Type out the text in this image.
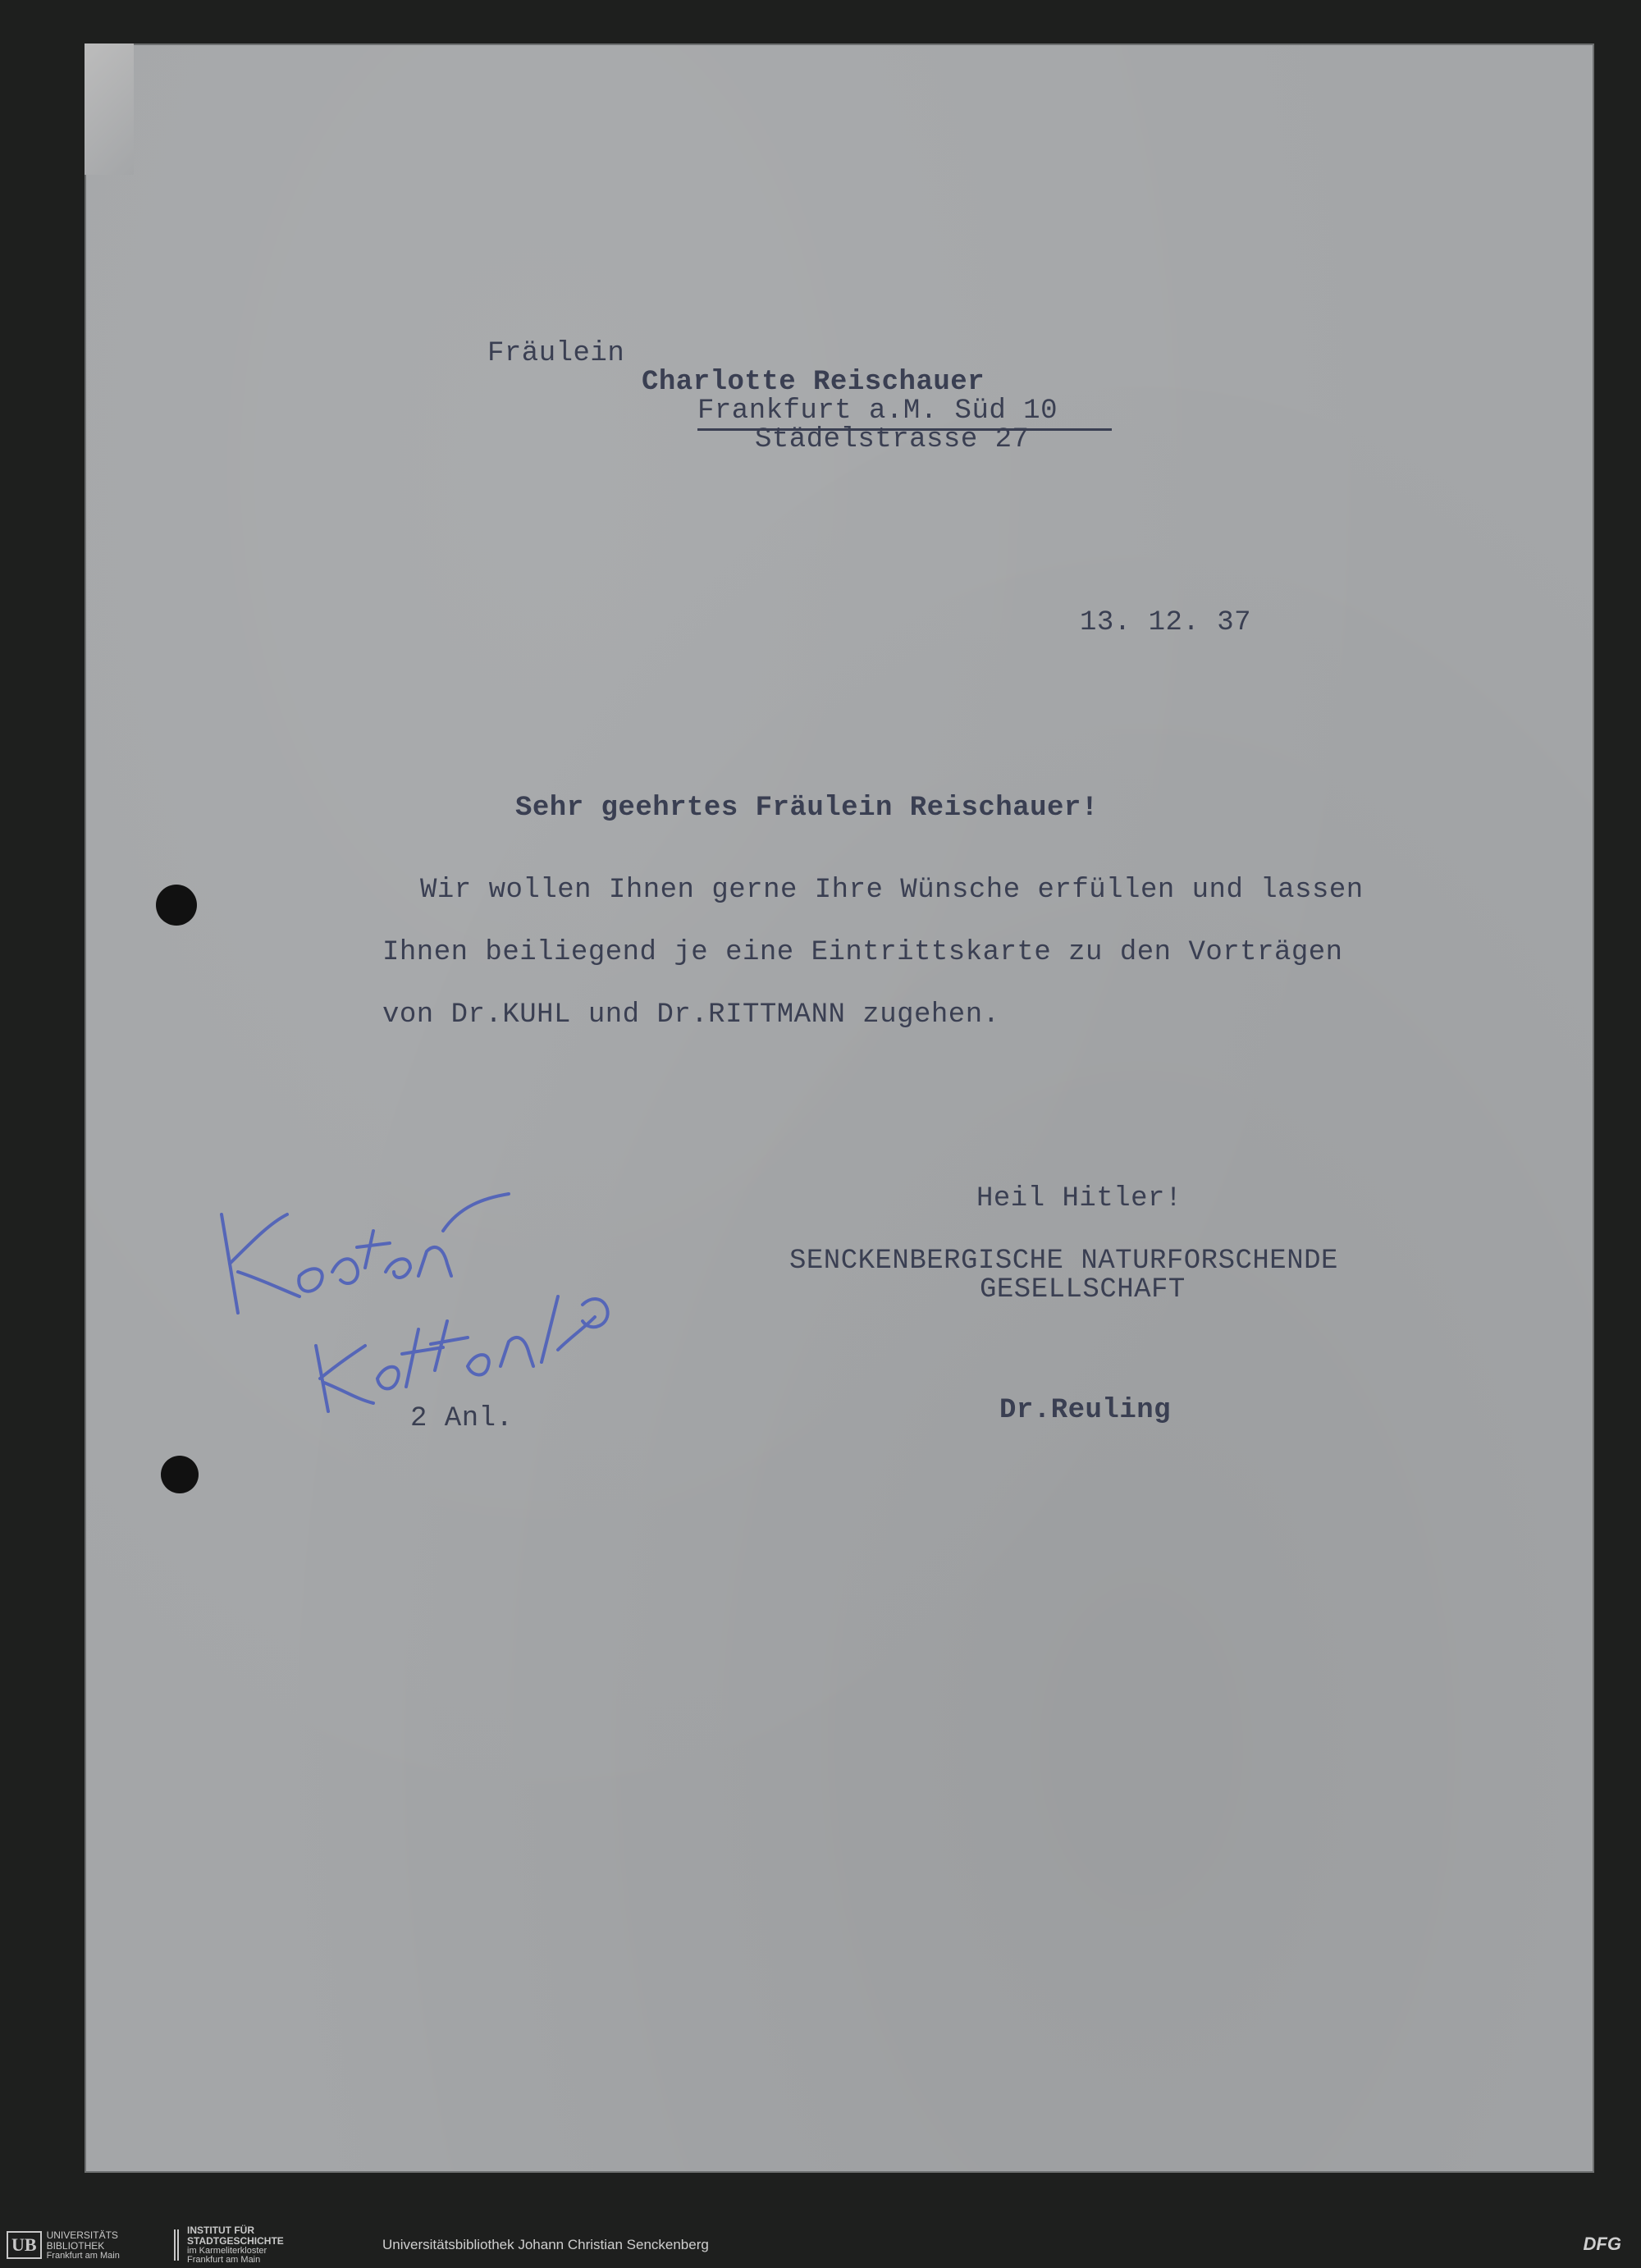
Fräulein
Charlotte Reischauer
Frankfurt a.M. Süd 10
Städelstrasse 27
13. 12. 37
Sehr geehrtes Fräulein Reischauer!
Wir wollen Ihnen gerne Ihre Wünsche erfüllen und lassen
Ihnen beiliegend je eine Eintrittskarte zu den Vorträgen
von Dr.KUHL und Dr.RITTMANN zugehen.
Heil Hitler!
SENCKENBERGISCHE NATURFORSCHENDE
GESELLSCHAFT
2 Anl.	Dr.Reuling
UB	UNIVERSITÄTS
BIBLIOTHEK
Frankfurt am Main
INSTITUT FÜR
STADTGESCHICHTE
im Karmeliterkloster
Frankfurt am Main
Universitätsbibliothek Johann Christian Senckenberg	DFG
